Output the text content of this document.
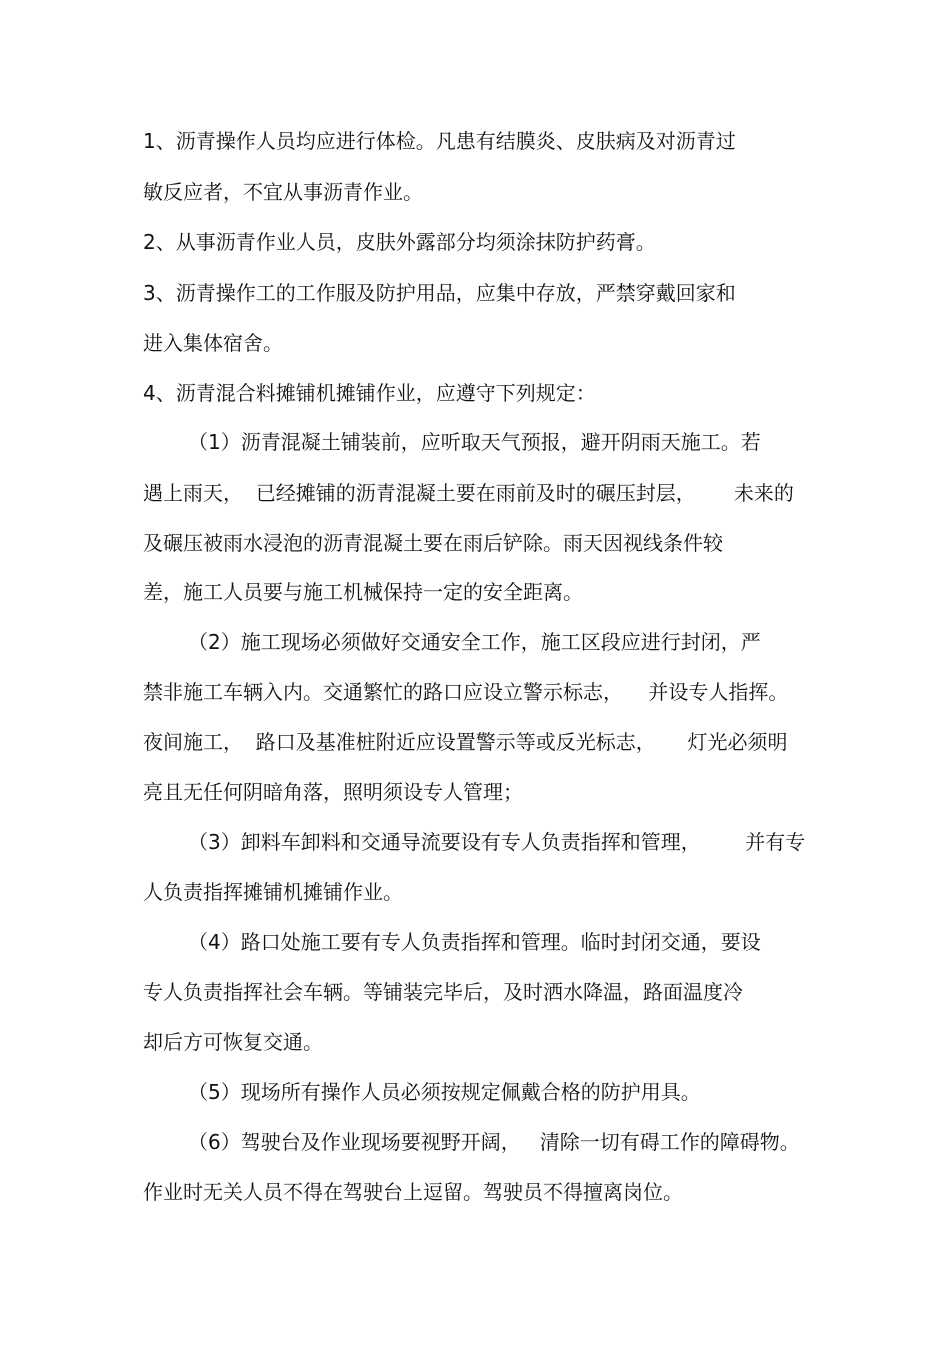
1、沥青操作人员均应进行体检。凡患有结膜炎、皮肤病及对沥青过
敏反应者，不宜从事沥青作业。
2、从事沥青作业人员，皮肤外露部分均须涂抹防护药膏。
3、沥青操作工的工作服及防护用品，应集中存放，严禁穿戴回家和
进入集体宿舍。
4、沥青混合料摊铺机摊铺作业，应遵守下列规定：
（1）沥青混凝土铺装前，应听取天气预报，避开阴雨天施工。若
遇上雨天，  已经摊铺的沥青混凝土要在雨前及时的碾压封层，      未来的
及碾压被雨水浸泡的沥青混凝土要在雨后铲除。雨天因视线条件较
差，施工人员要与施工机械保持一定的安全距离。
（2）施工现场必须做好交通安全工作，施工区段应进行封闭，严
禁非施工车辆入内。交通繁忙的路口应设立警示标志，    并设专人指挥。
夜间施工，  路口及基准桩附近应设置警示等或反光标志，     灯光必须明
亮且无任何阴暗角落，照明须设专人管理；
（3）卸料车卸料和交通导流要设有专人负责指挥和管理，       并有专
人负责指挥摊铺机摊铺作业。
（4）路口处施工要有专人负责指挥和管理。临时封闭交通，要设
专人负责指挥社会车辆。等铺装完毕后，及时洒水降温，路面温度冷
却后方可恢复交通。
（5）现场所有操作人员必须按规定佩戴合格的防护用具。
（6）驾驶台及作业现场要视野开阔，   清除一切有碍工作的障碍物。
作业时无关人员不得在驾驶台上逗留。驾驶员不得擅离岗位。
